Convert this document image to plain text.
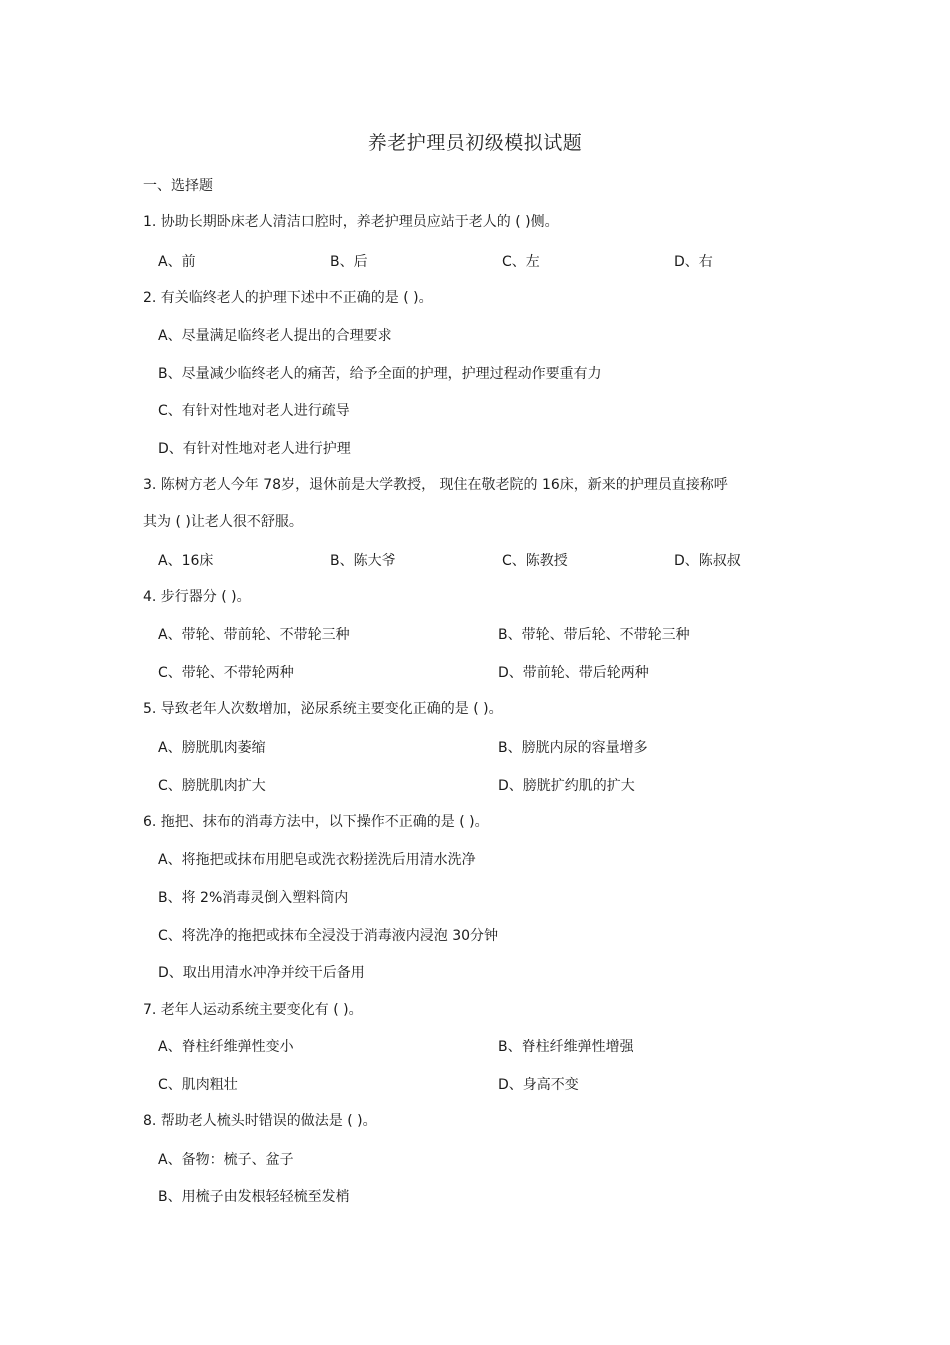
养老护理员初级模拟试题
一、选择题
1. 协助长期卧床老人清洁口腔时，养老护理员应站于老人的 ( )侧。
A、前	B、后	C、左	D、右
2. 有关临终老人的护理下述中不正确的是 ( )。
A、尽量满足临终老人提出的合理要求
B、尽量减少临终老人的痛苦，给予全面的护理，护理过程动作要重有力
C、有针对性地对老人进行疏导
D、有针对性地对老人进行护理
3. 陈树方老人今年 78岁，退休前是大学教授， 现住在敬老院的 16床，新来的护理员直接称呼
其为 ( )让老人很不舒服。
A、16床	B、陈大爷	C、陈教授	D、陈叔叔
4. 步行器分 ( )。
A、带轮、带前轮、不带轮三种	B、带轮、带后轮、不带轮三种
C、带轮、不带轮两种	D、带前轮、带后轮两种
5. 导致老年人次数增加，泌尿系统主要变化正确的是 ( )。
A、膀胱肌肉萎缩	B、膀胱内尿的容量增多
C、膀胱肌肉扩大	D、膀胱扩约肌的扩大
6. 拖把、抹布的消毒方法中，以下操作不正确的是 ( )。
A、将拖把或抹布用肥皂或洗衣粉搓洗后用清水洗净
B、将 2%消毒灵倒入塑料筒内
C、将洗净的拖把或抹布全浸没于消毒液内浸泡 30分钟
D、取出用清水冲净并绞干后备用
7. 老年人运动系统主要变化有 ( )。
A、脊柱纤维弹性变小	B、脊柱纤维弹性增强
C、肌肉粗壮	D、身高不变
8. 帮助老人梳头时错误的做法是 ( )。
A、备物：梳子、盆子
B、用梳子由发根轻轻梳至发梢
